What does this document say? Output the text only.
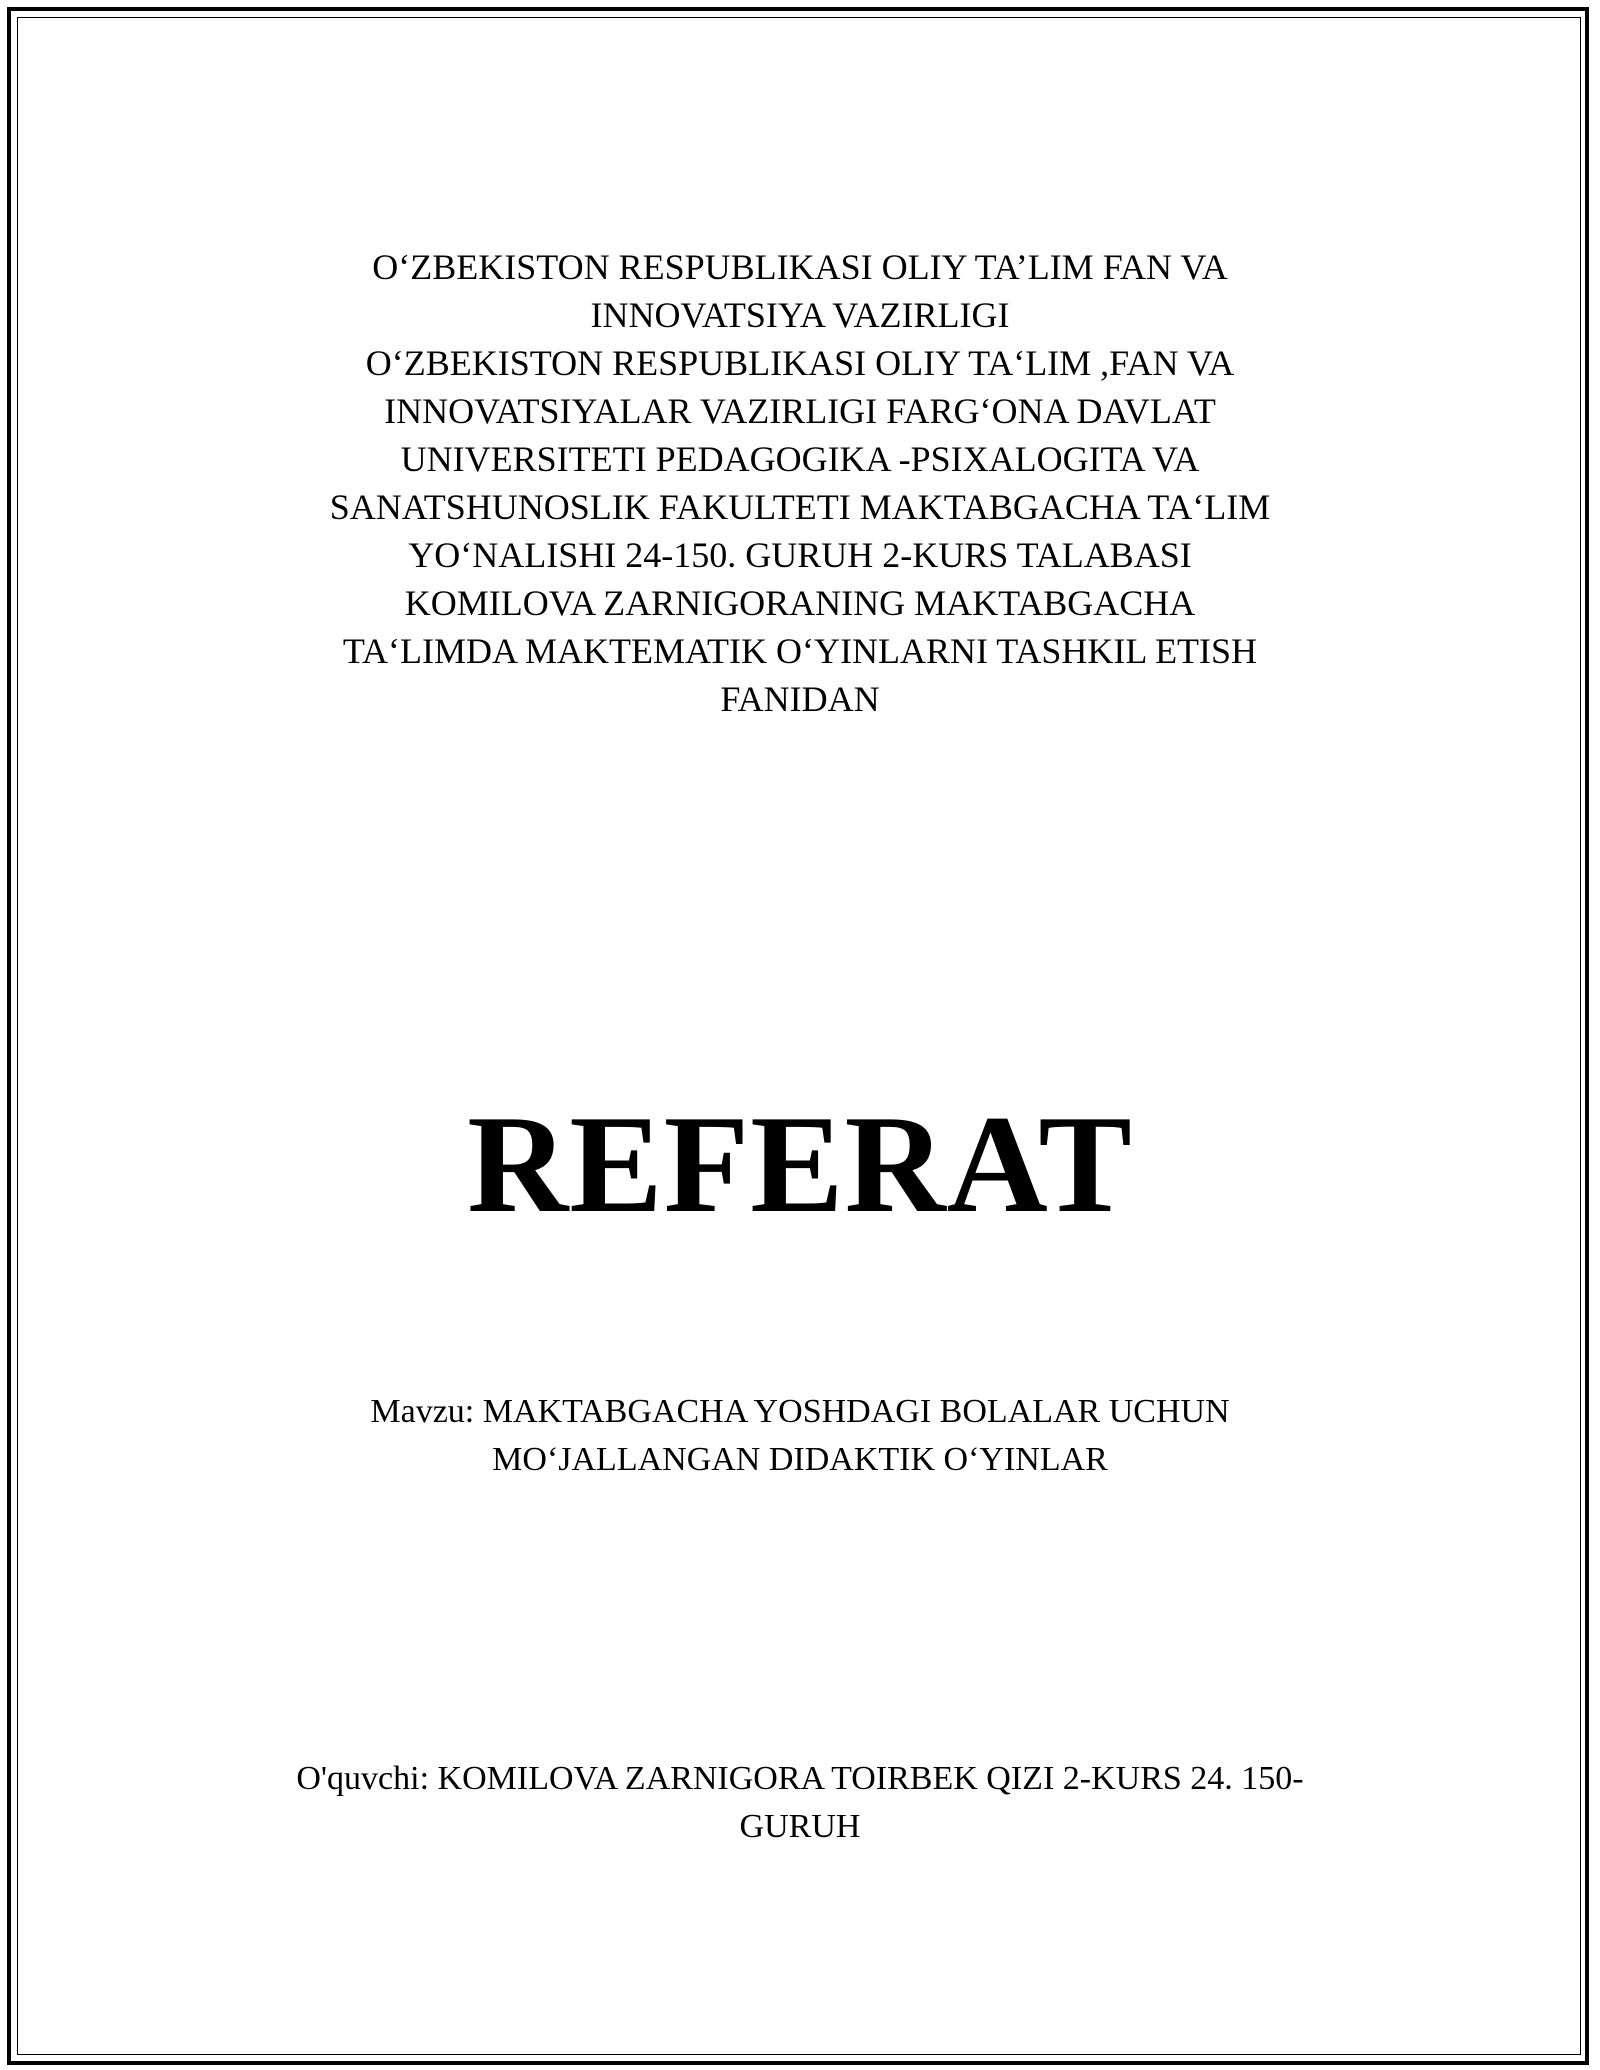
O‘ZBEKISTON RESPUBLIKASI OLIY TA’LIM FAN VA
INNOVATSIYA VAZIRLIGI
O‘ZBEKISTON RESPUBLIKASI OLIY TA‘LIM ,FAN VA
INNOVATSIYALAR VAZIRLIGI FARG‘ONA DAVLAT
UNIVERSITETI PEDAGOGIKA -PSIXALOGITA VA
SANATSHUNOSLIK FAKULTETI MAKTABGACHA TA‘LIM
YO‘NALISHI 24-150. GURUH 2-KURS TALABASI
KOMILOVA ZARNIGORANING MAKTABGACHA
TA‘LIMDA MAKTEMATIK O‘YINLARNI TASHKIL ETISH
FANIDAN
REFERAT
Mavzu: MAKTABGACHA YOSHDAGI BOLALAR UCHUN
MO‘JALLANGAN DIDAKTIK O‘YINLAR
O'quvchi: KOMILOVA ZARNIGORA TOIRBEK QIZI 2-KURS 24. 150-
GURUH
